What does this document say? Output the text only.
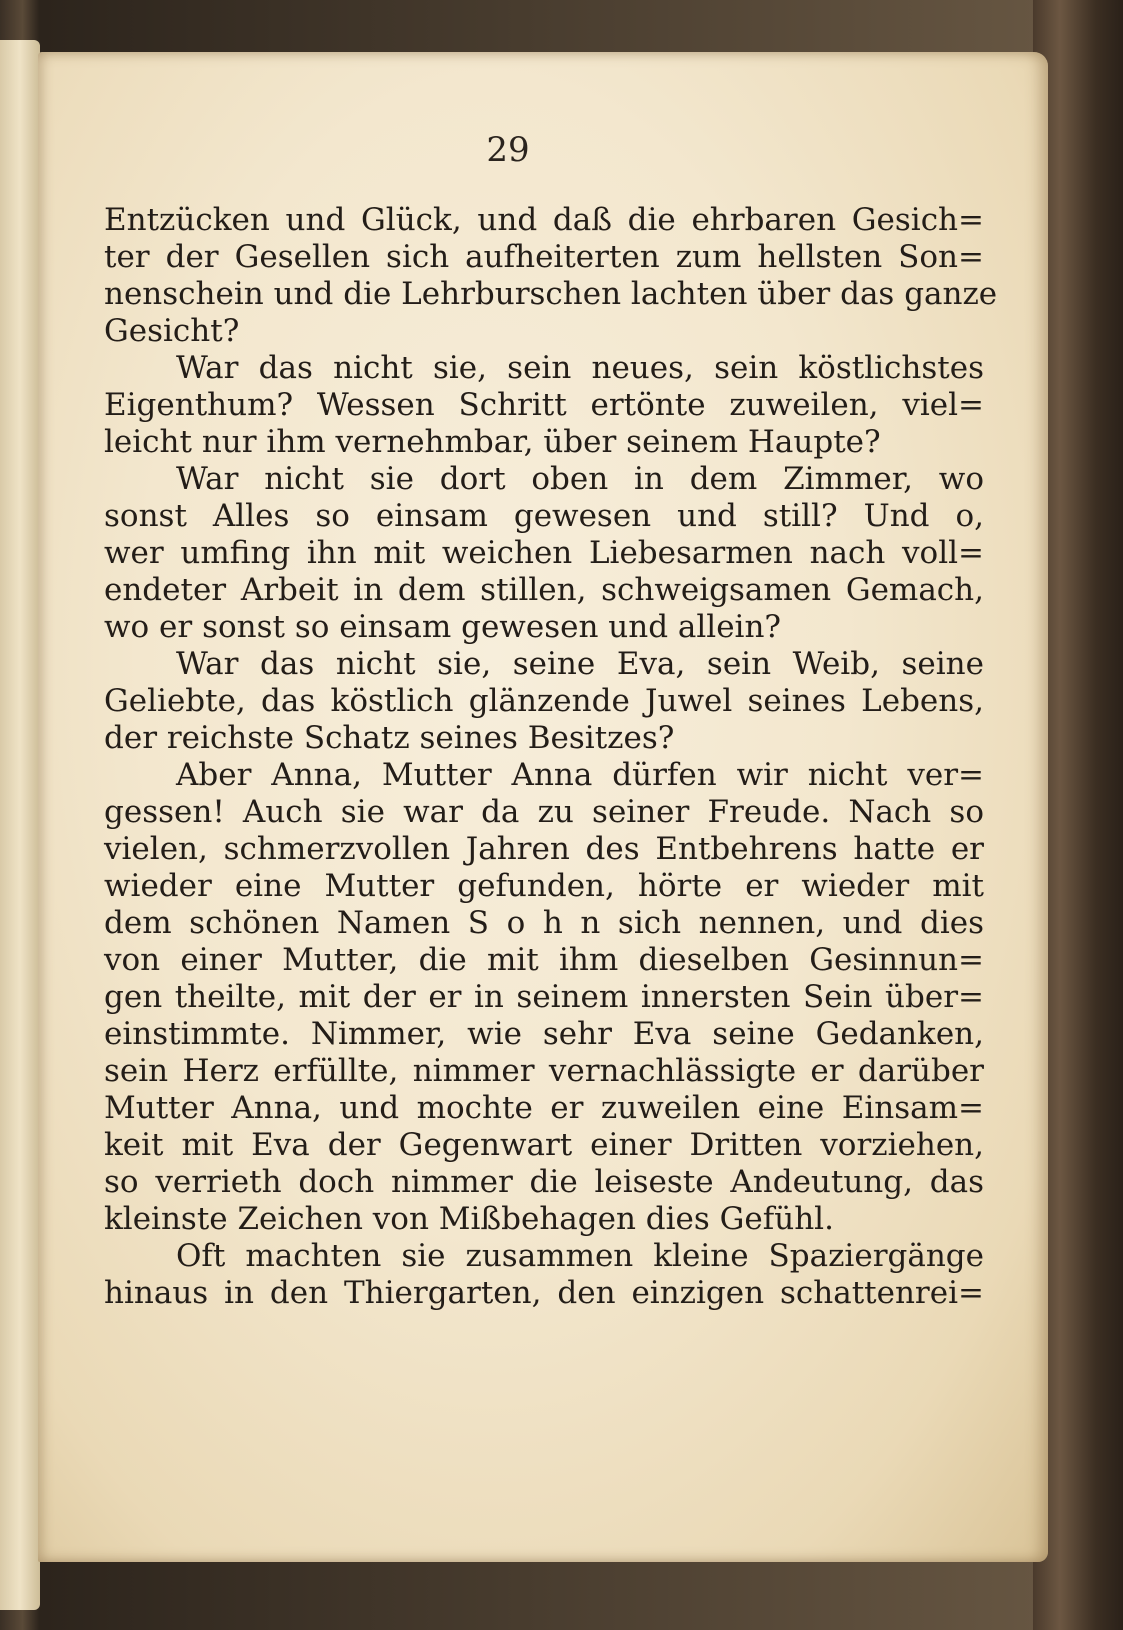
29
Entzücken und Glück, und daß die ehrbaren Gesich=
ter der Gesellen sich aufheiterten zum hellsten Son=
nenschein und die Lehrburschen lachten über das ganze
Gesicht?
War das nicht sie, sein neues, sein köstlichstes
Eigenthum? Wessen Schritt ertönte zuweilen, viel=
leicht nur ihm vernehmbar, über seinem Haupte?
War nicht sie dort oben in dem Zimmer, wo
sonst Alles so einsam gewesen und still? Und o,
wer umfing ihn mit weichen Liebesarmen nach voll=
endeter Arbeit in dem stillen, schweigsamen Gemach,
wo er sonst so einsam gewesen und allein?
War das nicht sie, seine Eva, sein Weib, seine
Geliebte, das köstlich glänzende Juwel seines Lebens,
der reichste Schatz seines Besitzes?
Aber Anna, Mutter Anna dürfen wir nicht ver=
gessen! Auch sie war da zu seiner Freude. Nach so
vielen, schmerzvollen Jahren des Entbehrens hatte er
wieder eine Mutter gefunden, hörte er wieder mit
dem schönen Namen S o h n sich nennen, und dies
von einer Mutter, die mit ihm dieselben Gesinnun=
gen theilte, mit der er in seinem innersten Sein über=
einstimmte. Nimmer, wie sehr Eva seine Gedanken,
sein Herz erfüllte, nimmer vernachlässigte er darüber
Mutter Anna, und mochte er zuweilen eine Einsam=
keit mit Eva der Gegenwart einer Dritten vorziehen,
so verrieth doch nimmer die leiseste Andeutung, das
kleinste Zeichen von Mißbehagen dies Gefühl.
Oft machten sie zusammen kleine Spaziergänge
hinaus in den Thiergarten, den einzigen schattenrei=
